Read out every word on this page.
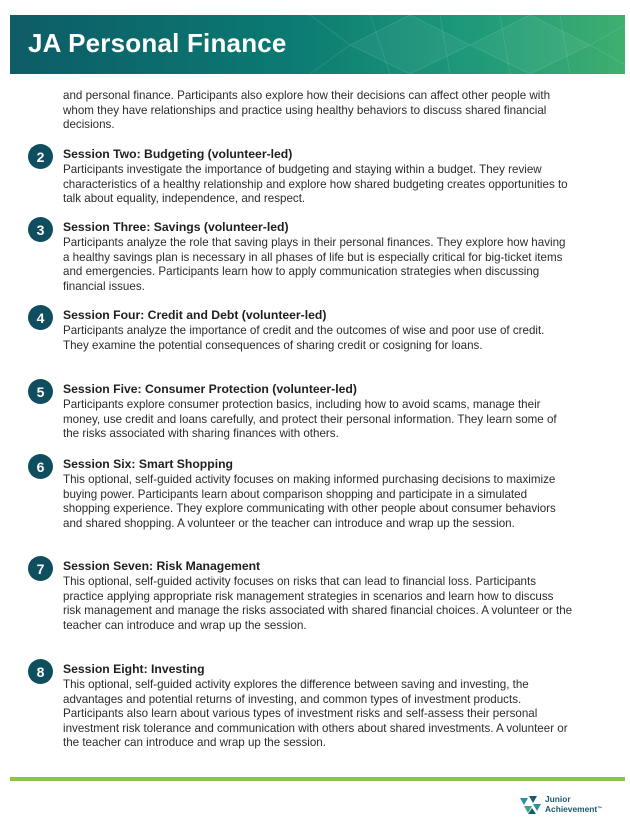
JA Personal Finance

and personal finance. Participants also explore how their decisions can affect other people with whom they have relationships and practice using healthy behaviors to discuss shared financial decisions.

2	Session Two: Budgeting (volunteer-led)

Participants investigate the importance of budgeting and staying within a budget. They review characteristics of a healthy relationship and explore how shared budgeting creates opportunities to talk about equality, independence, and respect.

3	Session Three: Savings (volunteer-led)

Participants analyze the role that saving plays in their personal finances. They explore how having a healthy savings plan is necessary in all phases of life but is especially critical for big-ticket items and emergencies. Participants learn how to apply communication strategies when discussing financial issues.

4	Session Four: Credit and Debt (volunteer-led)

Participants analyze the importance of credit and the outcomes of wise and poor use of credit. They examine the potential consequences of sharing credit or cosigning for loans.

5	Session Five: Consumer Protection (volunteer-led)

Participants explore consumer protection basics, including how to avoid scams, manage their money, use credit and loans carefully, and protect their personal information. They learn some of the risks associated with sharing finances with others.

6	Session Six: Smart Shopping

This optional, self-guided activity focuses on making informed purchasing decisions to maximize buying power. Participants learn about comparison shopping and participate in a simulated shopping experience. They explore communicating with other people about consumer behaviors and shared shopping. A volunteer or the teacher can introduce and wrap up the session.

7	Session Seven: Risk Management

This optional, self-guided activity focuses on risks that can lead to financial loss. Participants practice applying appropriate risk management strategies in scenarios and learn how to discuss risk management and manage the risks associated with shared financial choices. A volunteer or the teacher can introduce and wrap up the session.

8	Session Eight: Investing

This optional, self-guided activity explores the difference between saving and investing, the advantages and potential returns of investing, and common types of investment products. Participants also learn about various types of investment risks and self-assess their personal investment risk tolerance and communication with others about shared investments. A volunteer or the teacher can introduce and wrap up the session.

Junior
Achievement™
